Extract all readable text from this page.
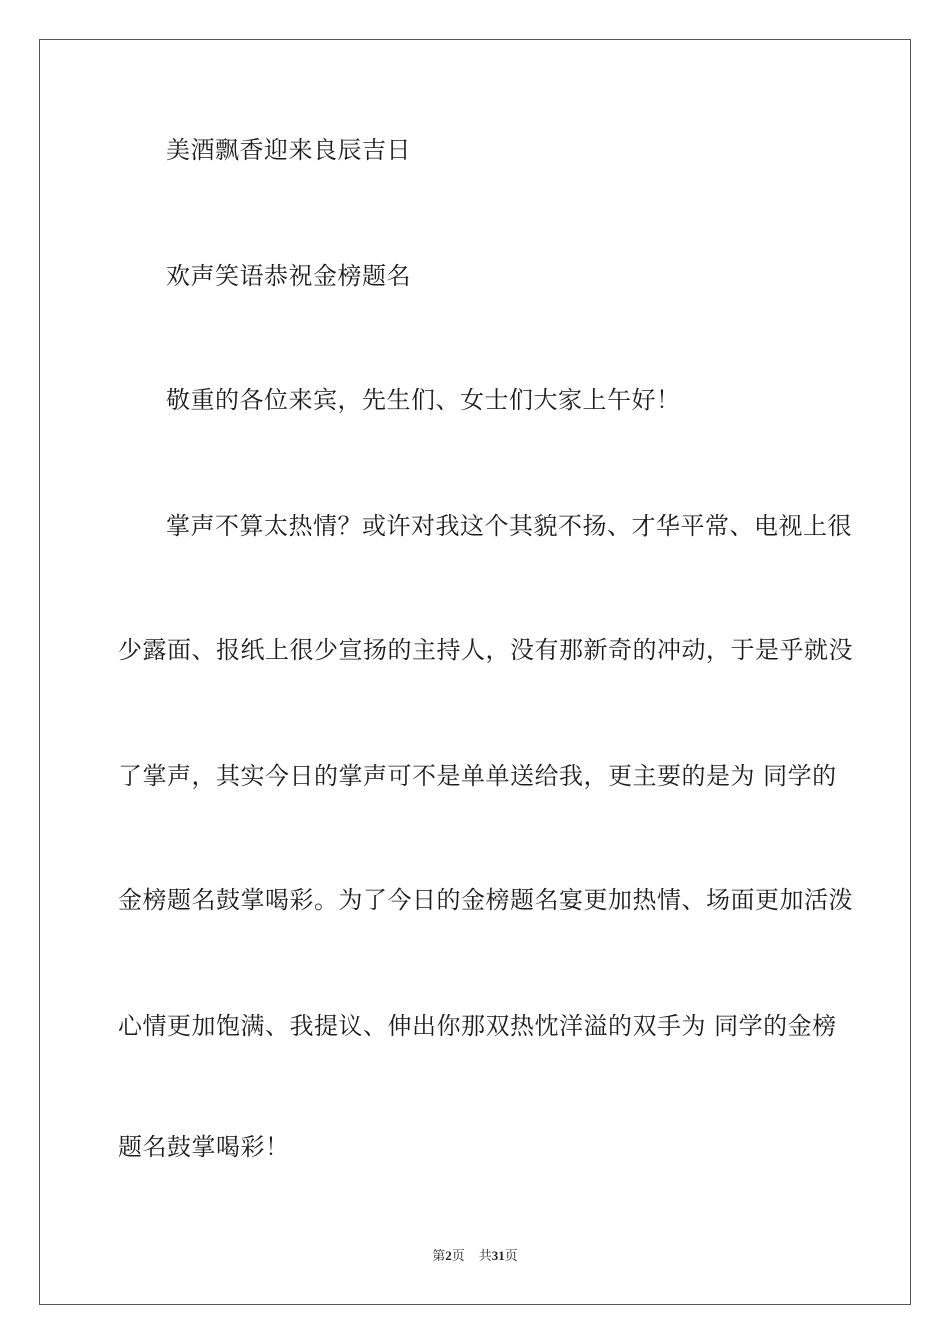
美酒飘香迎来良辰吉日
欢声笑语恭祝金榜题名
敬重的各位来宾，先生们、女士们大家上午好！
掌声不算太热情？或许对我这个其貌不扬、才华平常、电视上很
少露面、报纸上很少宣扬的主持人，没有那新奇的冲动，于是乎就没
了掌声，其实今日的掌声可不是单单送给我，更主要的是为 同学的
金榜题名鼓掌喝彩。为了今日的金榜题名宴更加热情、场面更加活泼
心情更加饱满、我提议、伸出你那双热忱洋溢的双手为 同学的金榜
题名鼓掌喝彩！
第2页 共31页
